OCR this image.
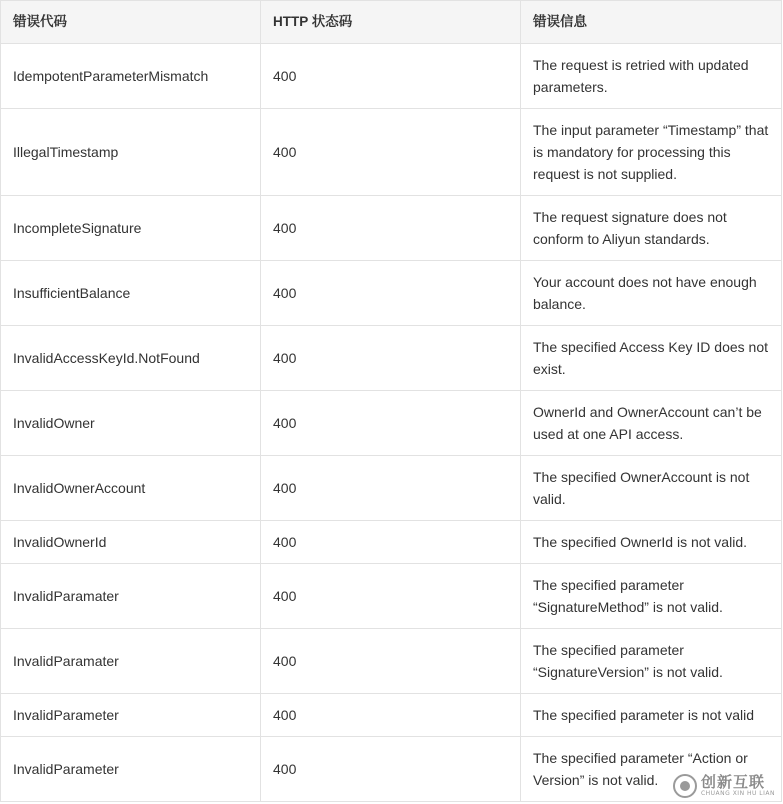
错误代码	HTTP 状态码	错误信息
IdempotentParameterMismatch	400	The request is retried with updated parameters.
IllegalTimestamp	400	The input parameter “Timestamp” that is mandatory for processing this request is not supplied.
IncompleteSignature	400	The request signature does not conform to Aliyun standards.
InsufficientBalance	400	Your account does not have enough balance.
InvalidAccessKeyId.NotFound	400	The specified Access Key ID does not exist.
InvalidOwner	400	OwnerId and OwnerAccount can’t be used at one API access.
InvalidOwnerAccount	400	The specified OwnerAccount is not valid.
InvalidOwnerId	400	The specified OwnerId is not valid.
InvalidParamater	400	The specified parameter “SignatureMethod” is not valid.
InvalidParamater	400	The specified parameter “SignatureVersion” is not valid.
InvalidParameter	400	The specified parameter is not valid
InvalidParameter	400	The specified parameter “Action or Version” is not valid.	创新互联
CHUANG XIN HU LIAN
